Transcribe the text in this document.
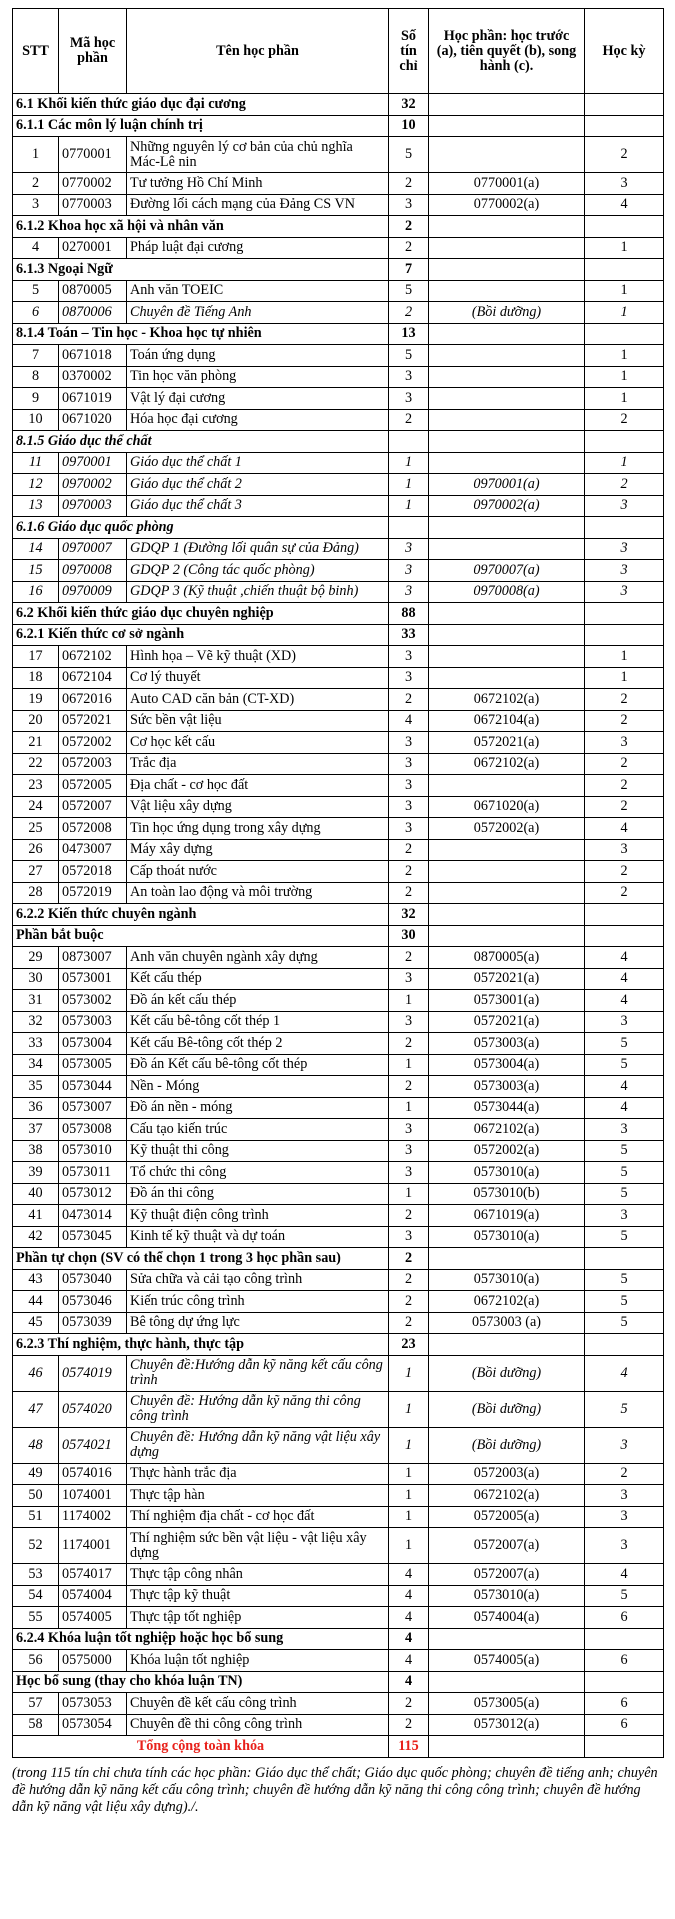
STT	Mã học phần	Tên học phần	Số tín chỉ	Học phần: học trước (a), tiên quyết (b), song hành (c).	Học kỳ
6.1 Khối kiến thức giáo dục đại cương			32		
6.1.1 Các môn lý luận chính trị			10		
1	0770001	Những nguyên lý cơ bản của chủ nghĩa Mác-Lê nin	5		2
2	0770002	Tư tưởng Hồ Chí Minh	2	0770001(a)	3
3	0770003	Đường lối cách mạng của Đảng CS VN	3	0770002(a)	4
6.1.2 Khoa học xã hội và nhân văn			2		
4	0270001	Pháp luật đại cương	2		1
6.1.3 Ngoại Ngữ			7		
5	0870005	Anh văn TOEIC	5		1
6	0870006	Chuyên đề Tiếng Anh	2	(Bồi dưỡng)	1
8.1.4 Toán – Tin học - Khoa học tự nhiên			13		
7	0671018	Toán ứng dụng	5		1
8	0370002	Tin học văn phòng	3		1
9	0671019	Vật lý đại cương	3		1
10	0671020	Hóa học đại cương	2		2
8.1.5 Giáo dục thể chất					
11	0970001	Giáo dục thể chất 1	1		1
12	0970002	Giáo dục thể chất 2	1	0970001(a)	2
13	0970003	Giáo dục thể chất 3	1	0970002(a)	3
6.1.6 Giáo dục quốc phòng					
14	0970007	GDQP 1 (Đường lối quân sự của Đảng)	3		3
15	0970008	GDQP 2 (Công tác quốc phòng)	3	0970007(a)	3
16	0970009	GDQP 3 (Kỹ thuật ,chiến thuật bộ binh)	3	0970008(a)	3
6.2 Khối kiến thức giáo dục chuyên nghiệp			88		
6.2.1 Kiến thức cơ sở ngành			33		
17	0672102	Hình họa – Vẽ kỹ thuật (XD)	3		1
18	0672104	Cơ lý thuyết	3		1
19	0672016	Auto CAD căn bản (CT-XD)	2	0672102(a)	2
20	0572021	Sức bền vật liệu	4	0672104(a)	2
21	0572002	Cơ học kết cấu	3	0572021(a)	3
22	0572003	Trắc địa	3	0672102(a)	2
23	0572005	Địa chất - cơ học đất	3		2
24	0572007	Vật liệu xây dựng	3	0671020(a)	2
25	0572008	Tin học ứng dụng trong xây dựng	3	0572002(a)	4
26	0473007	Máy xây dựng	2		3
27	0572018	Cấp thoát nước	2		2
28	0572019	An toàn lao động và môi trường	2		2
6.2.2 Kiến thức chuyên ngành			32		
Phần bắt buộc			30		
29	0873007	Anh văn chuyên ngành xây dựng	2	0870005(a)	4
30	0573001	Kết cấu thép	3	0572021(a)	4
31	0573002	Đồ án kết cấu thép	1	0573001(a)	4
32	0573003	Kết cấu bê-tông cốt thép 1	3	0572021(a)	3
33	0573004	Kết cấu Bê-tông cốt thép 2	2	0573003(a)	5
34	0573005	Đồ án Kết cấu bê-tông cốt thép	1	0573004(a)	5
35	0573044	Nền - Móng	2	0573003(a)	4
36	0573007	Đồ án nền - móng	1	0573044(a)	4
37	0573008	Cấu tạo kiến trúc	3	0672102(a)	3
38	0573010	Kỹ thuật thi công	3	0572002(a)	5
39	0573011	Tổ chức thi công	3	0573010(a)	5
40	0573012	Đồ án thi công	1	0573010(b)	5
41	0473014	Kỹ thuật điện công trình	2	0671019(a)	3
42	0573045	Kinh tế kỹ thuật và dự toán	3	0573010(a)	5
Phần tự chọn (SV có thể chọn 1 trong 3 học phần sau)			2		
43	0573040	Sửa chữa và cải tạo công trình	2	0573010(a)	5
44	0573046	Kiến trúc công trình	2	0672102(a)	5
45	0573039	Bê tông dự ứng lực	2	0573003 (a)	5
6.2.3 Thí nghiệm, thực hành, thực tập			23		
46	0574019	Chuyên đề:Hướng dẫn kỹ năng kết cấu công trình	1	(Bồi dưỡng)	4
47	0574020	Chuyên đề: Hướng dẫn kỹ năng thi công công trình	1	(Bồi dưỡng)	5
48	0574021	Chuyên đề: Hướng dẫn kỹ năng vật liệu xây dựng	1	(Bồi dưỡng)	3
49	0574016	Thực hành trắc địa	1	0572003(a)	2
50	1074001	Thực tập hàn	1	0672102(a)	3
51	1174002	Thí nghiệm địa chất - cơ học đất	1	0572005(a)	3
52	1174001	Thí nghiệm sức bền vật liệu - vật liệu xây dựng	1	0572007(a)	3
53	0574017	Thực tập công nhân	4	0572007(a)	4
54	0574004	Thực tập kỹ thuật	4	0573010(a)	5
55	0574005	Thực tập tốt nghiệp	4	0574004(a)	6
6.2.4 Khóa luận tốt nghiệp hoặc học bổ sung			4		
56	0575000	Khóa luận tốt nghiệp	4	0574005(a)	6
Học bổ sung (thay cho khóa luận TN)			4		
57	0573053	Chuyên đề kết cấu công trình	2	0573005(a)	6
58	0573054	Chuyên đề thi công công trình	2	0573012(a)	6
Tổng cộng toàn khóa			115		
(trong 115 tín chỉ chưa tính các học phần: Giáo dục thể chất; Giáo dục quốc phòng; chuyên đề tiếng anh; chuyên đề hướng dẫn kỹ năng kết cấu công trình; chuyên đề hướng dẫn kỹ năng thi công công trình; chuyên đề hướng dẫn kỹ năng vật liệu xây dựng)./.
